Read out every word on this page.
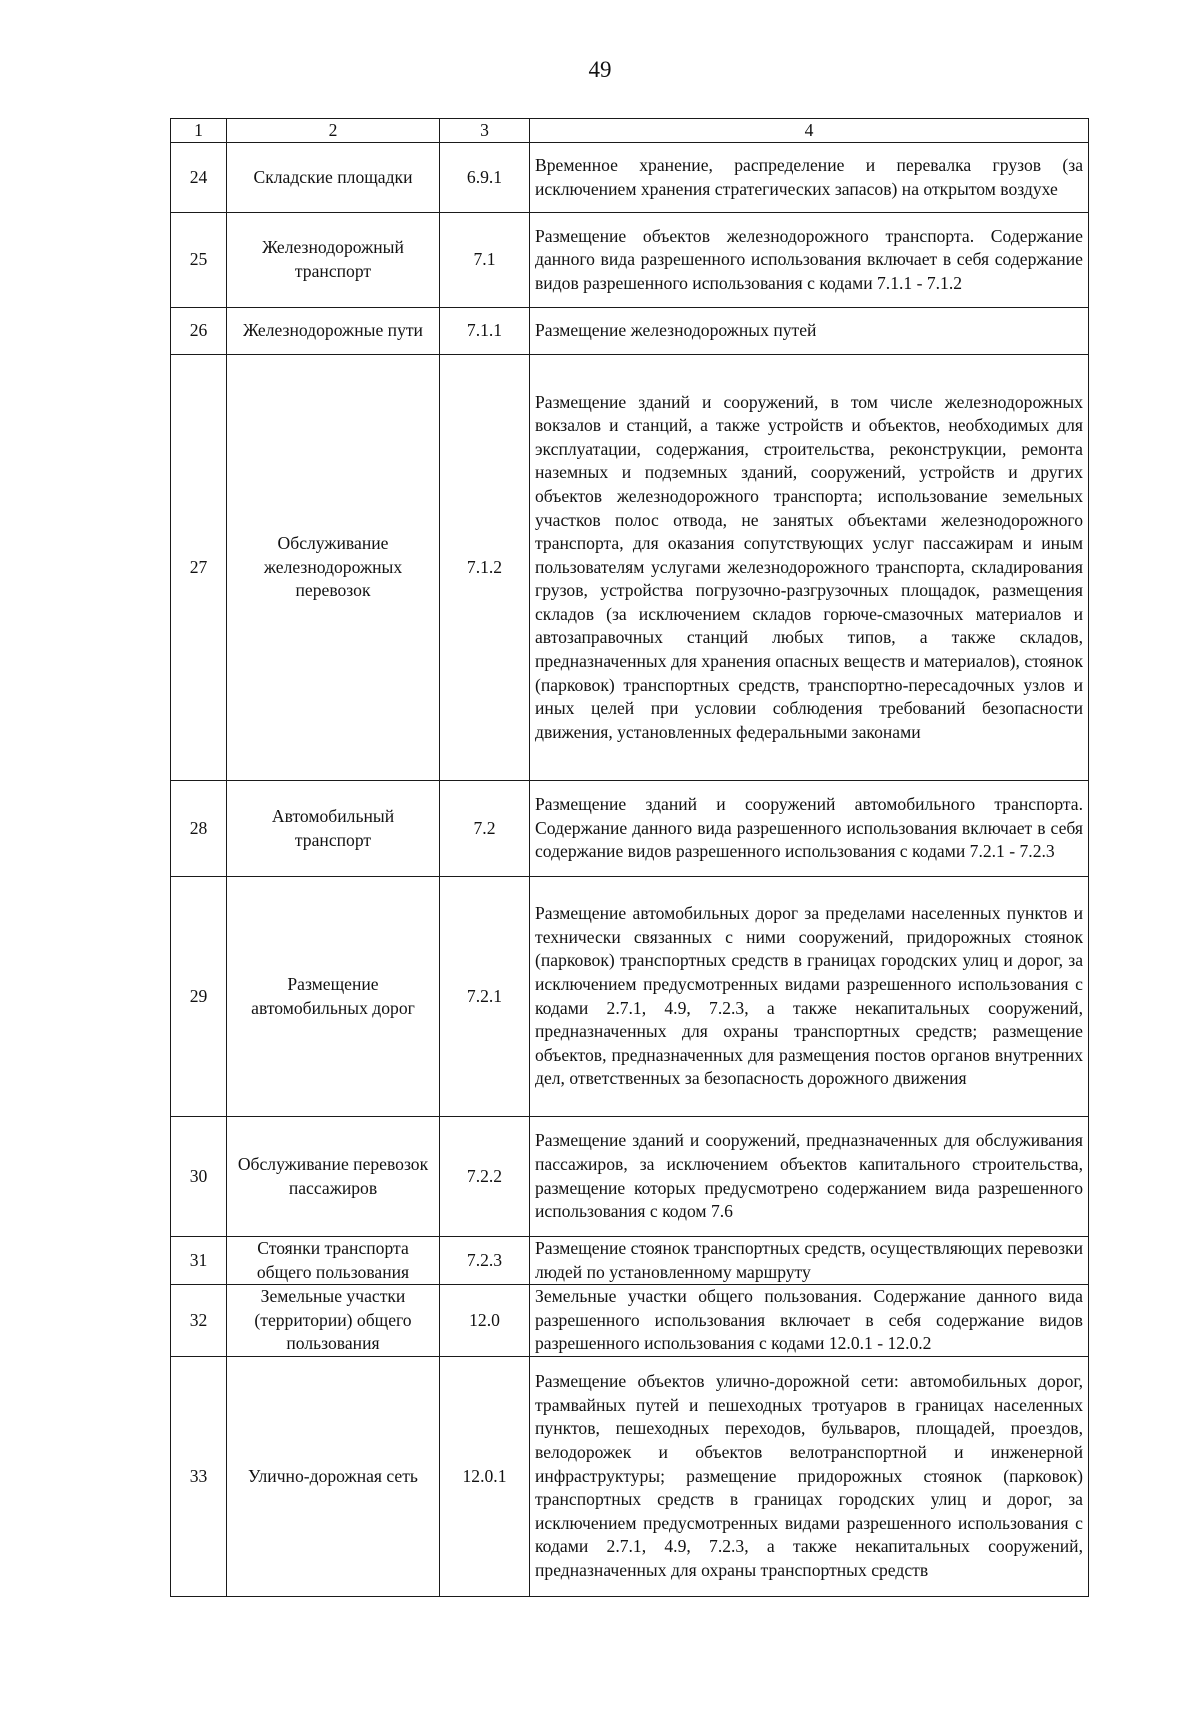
49
1	2	3	4
24	Складские площадки	6.9.1	Временное хранение, распределение и перевалка грузов (за исключением хранения стратегических запасов) на открытом воздухе
25	Железнодорожный транспорт	7.1	Размещение объектов железнодорожного транспорта. Содержание данного вида разрешенного использования включает в себя содержание видов разрешенного использования с кодами 7.1.1 - 7.1.2
26	Железнодорожные пути	7.1.1	Размещение железнодорожных путей
27	Обслуживание железнодорожных перевозок	7.1.2	Размещение зданий и сооружений, в том числе железнодорожных вокзалов и станций, а также устройств и объектов, необходимых для эксплуатации, содержания, строительства, реконструкции, ремонта наземных и подземных зданий, сооружений, устройств и других объектов железнодорожного транспорта; использование земельных участков полос отвода, не занятых объектами железнодорожного транспорта, для оказания сопутствующих услуг пассажирам и иным пользователям услугами железнодорожного транспорта, складирования грузов, устройства погрузочно-разгрузочных площадок, размещения складов (за исключением складов горюче-смазочных материалов и автозаправочных станций любых типов, а также складов, предназначенных для хранения опасных веществ и материалов), стоянок (парковок) транспортных средств, транспортно-пересадочных узлов и иных целей при условии соблюдения требований безопасности движения, установленных федеральными законами
28	Автомобильный транспорт	7.2	Размещение зданий и сооружений автомобильного транспорта. Содержание данного вида разрешенного использования включает в себя содержание видов разрешенного использования с кодами 7.2.1 - 7.2.3
29	Размещение автомобильных дорог	7.2.1	Размещение автомобильных дорог за пределами населенных пунктов и технически связанных с ними сооружений, придорожных стоянок (парковок) транспортных средств в границах городских улиц и дорог, за исключением предусмотренных видами разрешенного использования с кодами 2.7.1, 4.9, 7.2.3, а также некапитальных сооружений, предназначенных для охраны транспортных средств; размещение объектов, предназначенных для размещения постов органов внутренних дел, ответственных за безопасность дорожного движения
30	Обслуживание перевозок пассажиров	7.2.2	Размещение зданий и сооружений, предназначенных для обслуживания пассажиров, за исключением объектов капитального строительства, размещение которых предусмотрено содержанием вида разрешенного использования с кодом 7.6
31	Стоянки транспорта общего пользования	7.2.3	Размещение стоянок транспортных средств, осуществляющих перевозки людей по установленному маршруту
32	Земельные участки (территории) общего пользования	12.0	Земельные участки общего пользования. Содержание данного вида разрешенного использования включает в себя содержание видов разрешенного использования с кодами 12.0.1 - 12.0.2
33	Улично-дорожная сеть	12.0.1	Размещение объектов улично-дорожной сети: автомобильных дорог, трамвайных путей и пешеходных тротуаров в границах населенных пунктов, пешеходных переходов, бульваров, площадей, проездов, велодорожек и объектов велотранспортной и инженерной инфраструктуры; размещение придорожных стоянок (парковок) транспортных средств в границах городских улиц и дорог, за исключением предусмотренных видами разрешенного использования с кодами 2.7.1, 4.9, 7.2.3, а также некапитальных сооружений, предназначенных для охраны транспортных средств
